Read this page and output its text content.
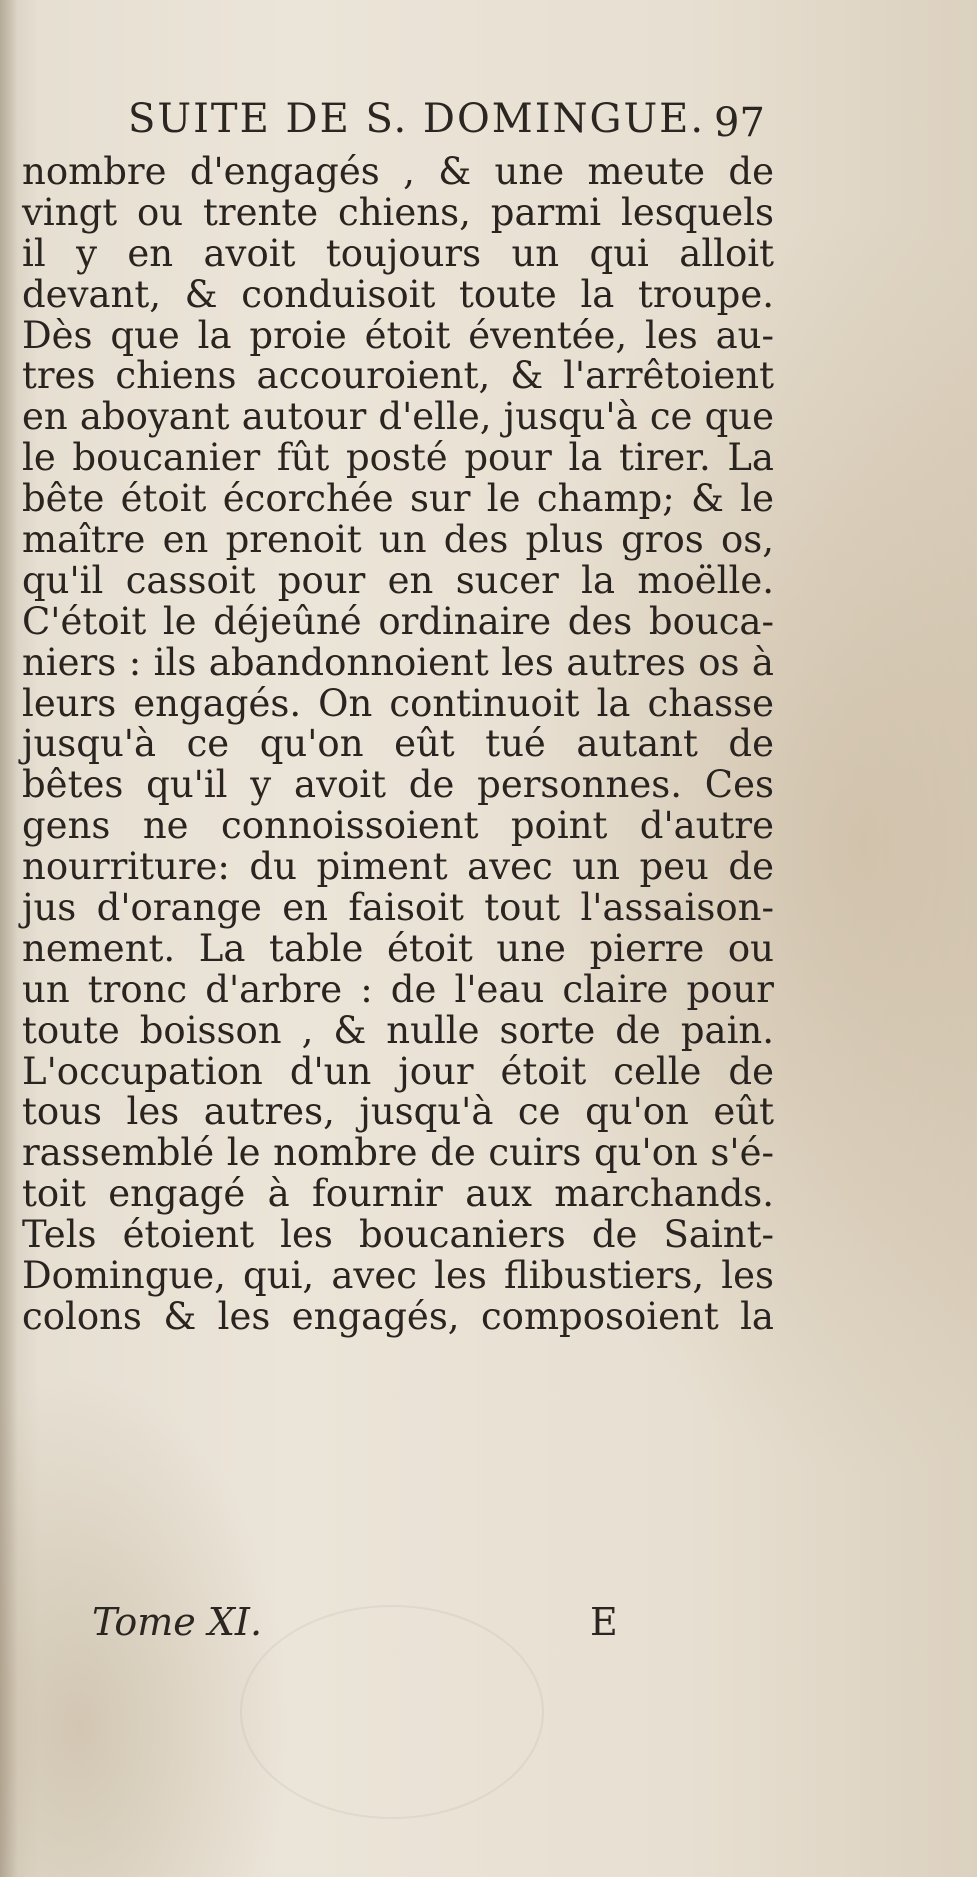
SUITE DE S. DOMINGUE. 97
nombre d'engagés , & une meute de
vingt ou trente chiens, parmi lesquels
il y en avoit toujours un qui alloit
devant, & conduisoit toute la troupe.
Dès que la proie étoit éventée, les au-
tres chiens accouroient, & l'arrêtoient
en aboyant autour d'elle, jusqu'à ce que
le boucanier fût posté pour la tirer. La
bête étoit écorchée sur le champ; & le
maître en prenoit un des plus gros os,
qu'il cassoit pour en sucer la moëlle.
C'étoit le déjeûné ordinaire des bouca-
niers : ils abandonnoient les autres os à
leurs engagés. On continuoit la chasse
jusqu'à ce qu'on eût tué autant de
bêtes qu'il y avoit de personnes. Ces
gens ne connoissoient point d'autre
nourriture: du piment avec un peu de
jus d'orange en faisoit tout l'assaison-
nement. La table étoit une pierre ou
un tronc d'arbre : de l'eau claire pour
toute boisson , & nulle sorte de pain.
L'occupation d'un jour étoit celle de
tous les autres, jusqu'à ce qu'on eût
rassemblé le nombre de cuirs qu'on s'é-
toit engagé à fournir aux marchands.
Tels étoient les boucaniers de Saint-
Domingue, qui, avec les flibustiers, les
colons & les engagés, composoient la
Tome XI.	E
